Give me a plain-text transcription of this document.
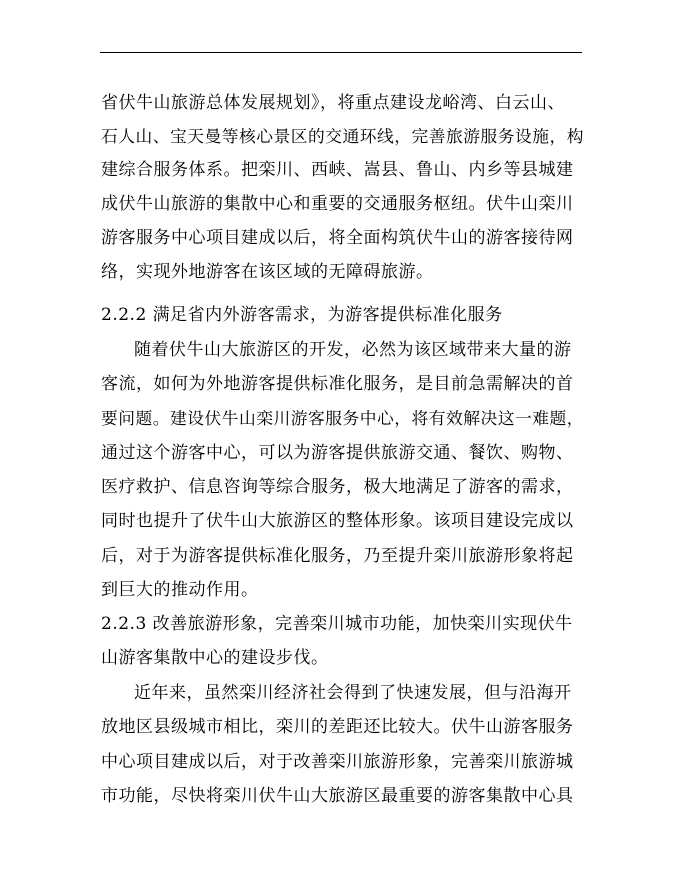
省伏牛山旅游总体发展规划》，将重点建设龙峪湾、白云山、
石人山、宝天曼等核心景区的交通环线，完善旅游服务设施，构
建综合服务体系。把栾川、西峡、嵩县、鲁山、内乡等县城建
成伏牛山旅游的集散中心和重要的交通服务枢纽。伏牛山栾川
游客服务中心项目建成以后，将全面构筑伏牛山的游客接待网
络，实现外地游客在该区域的无障碍旅游。
2.2.2 满足省内外游客需求，为游客提供标准化服务
随着伏牛山大旅游区的开发，必然为该区域带来大量的游
客流，如何为外地游客提供标准化服务，是目前急需解决的首
要问题。建设伏牛山栾川游客服务中心，将有效解决这一难题，
通过这个游客中心，可以为游客提供旅游交通、餐饮、购物、
医疗救护、信息咨询等综合服务，极大地满足了游客的需求，
同时也提升了伏牛山大旅游区的整体形象。该项目建设完成以
后，对于为游客提供标准化服务，乃至提升栾川旅游形象将起
到巨大的推动作用。
2.2.3 改善旅游形象，完善栾川城市功能，加快栾川实现伏牛
山游客集散中心的建设步伐。
近年来，虽然栾川经济社会得到了快速发展，但与沿海开
放地区县级城市相比，栾川的差距还比较大。伏牛山游客服务
中心项目建成以后，对于改善栾川旅游形象，完善栾川旅游城
市功能，尽快将栾川伏牛山大旅游区最重要的游客集散中心具
